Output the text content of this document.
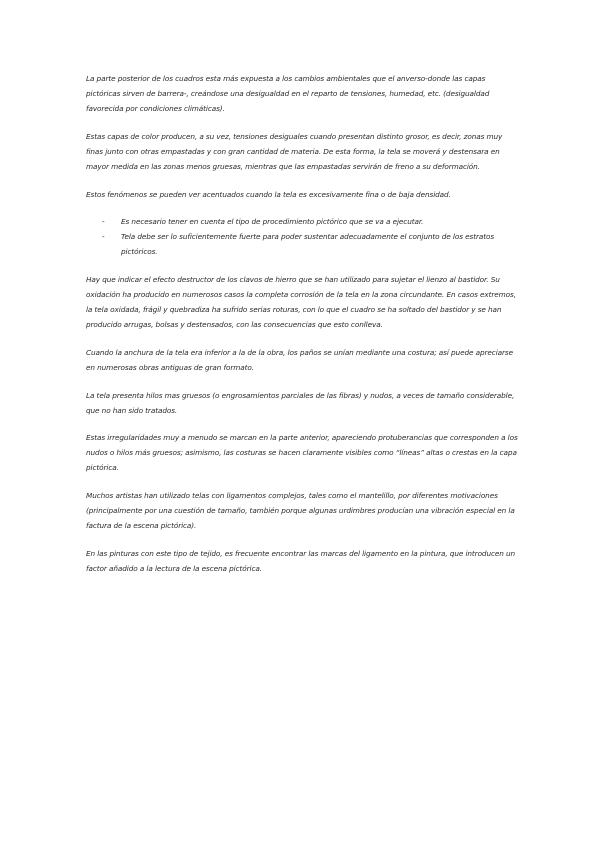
La parte posterior de los cuadros esta más expuesta a los cambios ambientales que el anverso-donde las capas pictóricas sirven de barrera-, creándose una desigualdad en el reparto de tensiones, humedad, etc. (desigualdad favorecida por condiciones climáticas).

Estas capas de color producen, a su vez, tensiones desiguales cuando presentan distinto grosor, es decir, zonas muy finas junto con otras empastadas y con gran cantidad de materia. De esta forma, la tela se moverá y destensara en mayor medida en las zonas menos gruesas, mientras que las empastadas servirán de freno a su deformación.

Estos fenómenos se pueden ver acentuados cuando la tela es excesivamente fina o de baja densidad.

- Es necesario tener en cuenta el tipo de procedimiento pictórico que se va a ejecutar.
- Tela debe ser lo suficientemente fuerte para poder sustentar adecuadamente el conjunto de los estratos pictóricos.

Hay que indicar el efecto destructor de los clavos de hierro que se han utilizado para sujetar el lienzo al bastidor. Su oxidación ha producido en numerosos casos la completa corrosión de la tela en la zona circundante. En casos extremos, la tela oxidada, frágil y quebradiza ha sufrido serias roturas, con lo que el cuadro se ha soltado del bastidor y se han producido arrugas, bolsas y destensados, con las consecuencias que esto conlleva.

Cuando la anchura de la tela era inferior a la de la obra, los paños se unían mediante una costura; así puede apreciarse en numerosas obras antiguas de gran formato.

La tela presenta hilos mas gruesos (o engrosamientos parciales de las fibras) y nudos, a veces de tamaño considerable, que no han sido tratados.

Estas irregularidades muy a menudo se marcan en la parte anterior, apareciendo protuberancias que corresponden a los nudos o hilos más gruesos; asimismo, las costuras se hacen claramente visibles como “líneas” altas o crestas en la capa pictórica.

Muchos artistas han utilizado telas con ligamentos complejos, tales como el mantelillo, por diferentes motivaciones (principalmente por una cuestión de tamaño, también porque algunas urdimbres producían una vibración especial en la factura de la escena pictórica).

En las pinturas con este tipo de tejido, es frecuente encontrar las marcas del ligamento en la pintura, que introducen un factor añadido a la lectura de la escena pictórica.
